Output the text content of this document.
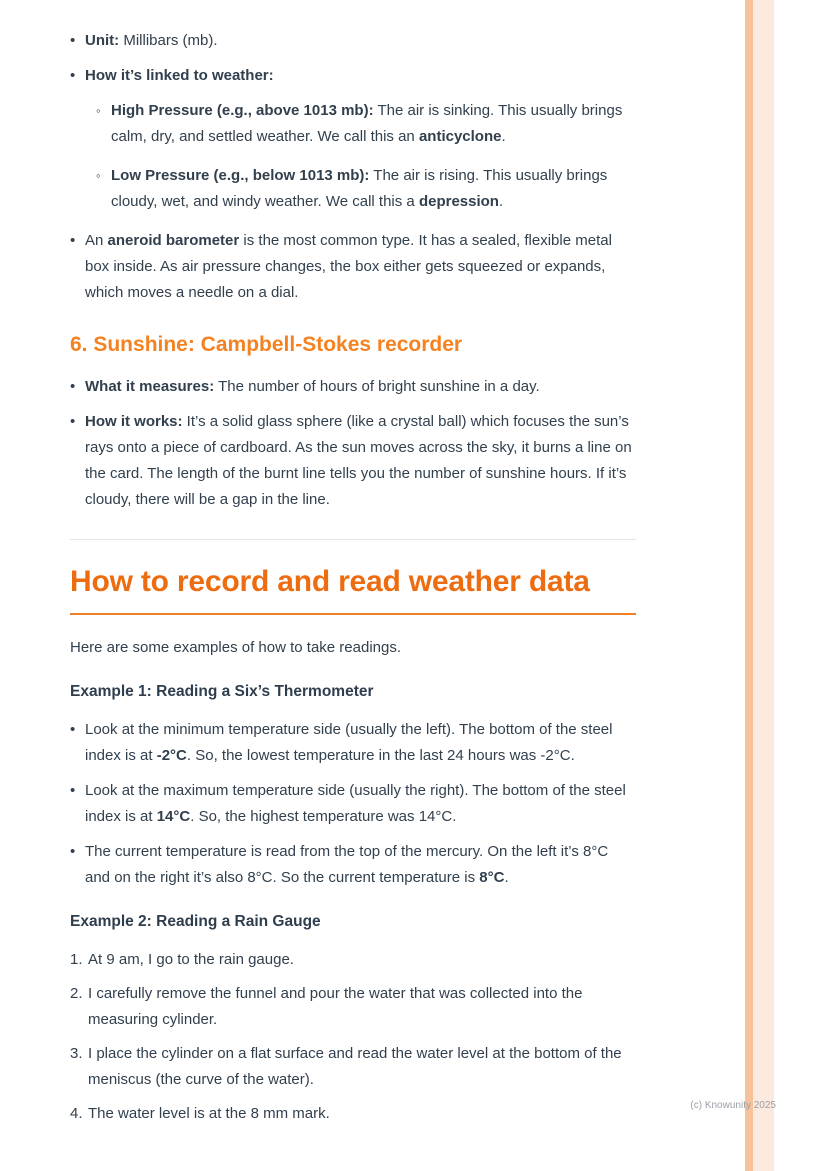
• Unit: Millibars (mb).
• How it’s linked to weather:
◦ High Pressure (e.g., above 1013 mb): The air is sinking. This usually brings calm, dry, and settled weather. We call this an anticyclone.
◦ Low Pressure (e.g., below 1013 mb): The air is rising. This usually brings cloudy, wet, and windy weather. We call this a depression.
• An aneroid barometer is the most common type. It has a sealed, flexible metal box inside. As air pressure changes, the box either gets squeezed or expands, which moves a needle on a dial.
6. Sunshine: Campbell-Stokes recorder
• What it measures: The number of hours of bright sunshine in a day.
• How it works: It’s a solid glass sphere (like a crystal ball) which focuses the sun’s rays onto a piece of cardboard. As the sun moves across the sky, it burns a line on the card. The length of the burnt line tells you the number of sunshine hours. If it’s cloudy, there will be a gap in the line.
How to record and read weather data
Here are some examples of how to take readings.
Example 1: Reading a Six’s Thermometer
• Look at the minimum temperature side (usually the left). The bottom of the steel index is at -2°C. So, the lowest temperature in the last 24 hours was -2°C.
• Look at the maximum temperature side (usually the right). The bottom of the steel index is at 14°C. So, the highest temperature was 14°C.
• The current temperature is read from the top of the mercury. On the left it’s 8°C and on the right it’s also 8°C. So the current temperature is 8°C.
Example 2: Reading a Rain Gauge
1. At 9 am, I go to the rain gauge.
2. I carefully remove the funnel and pour the water that was collected into the measuring cylinder.
3. I place the cylinder on a flat surface and read the water level at the bottom of the meniscus (the curve of the water).
4. The water level is at the 8 mm mark.	(c) Knowunity 2025
